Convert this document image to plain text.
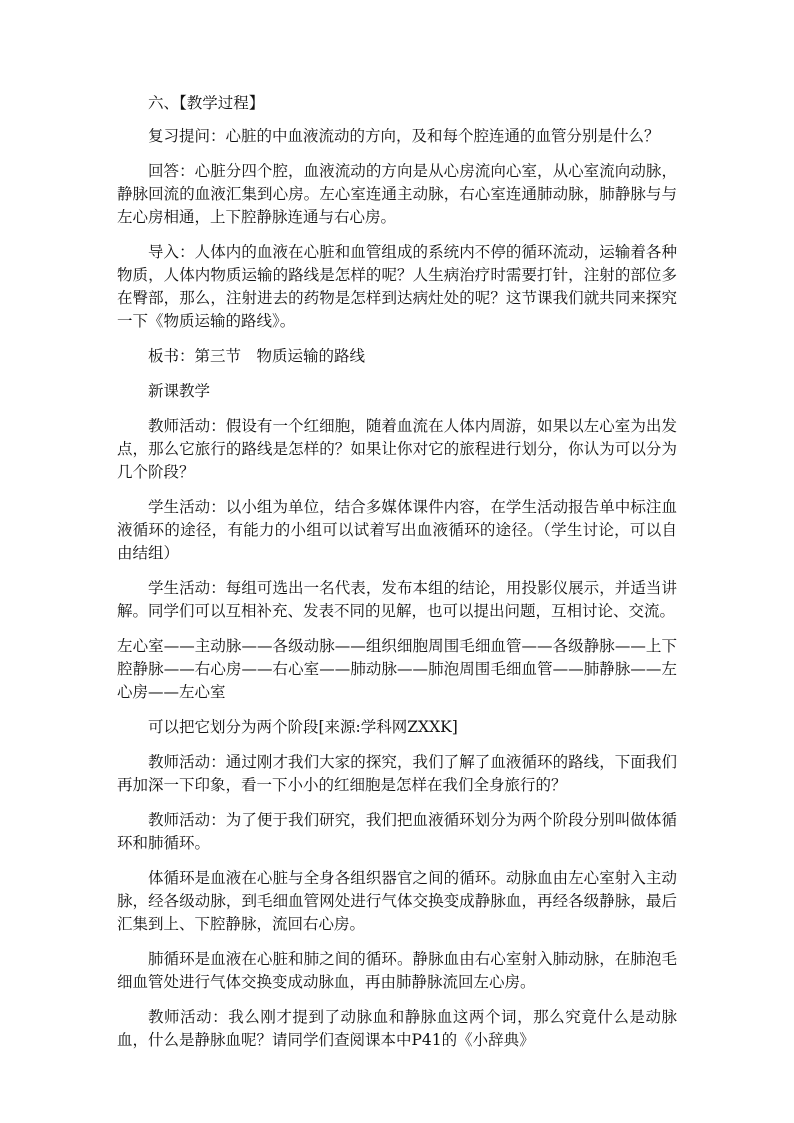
六、【教学过程】

复习提问：心脏的中血液流动的方向，及和每个腔连通的血管分别是什么？

回答：心脏分四个腔，血液流动的方向是从心房流向心室，从心室流向动脉，静脉回流的血液汇集到心房。左心室连通主动脉，右心室连通肺动脉，肺静脉与与左心房相通，上下腔静脉连通与右心房。

导入：人体内的血液在心脏和血管组成的系统内不停的循环流动，运输着各种物质，人体内物质运输的路线是怎样的呢？人生病治疗时需要打针，注射的部位多在臀部，那么，注射进去的药物是怎样到达病灶处的呢？这节课我们就共同来探究一下《物质运输的路线》。

板书：第三节　物质运输的路线

新课教学

教师活动：假设有一个红细胞，随着血流在人体内周游，如果以左心室为出发点，那么它旅行的路线是怎样的？如果让你对它的旅程进行划分，你认为可以分为几个阶段？

学生活动：以小组为单位，结合多媒体课件内容，在学生活动报告单中标注血液循环的途径，有能力的小组可以试着写出血液循环的途径。（学生讨论，可以自由结组）

学生活动：每组可选出一名代表，发布本组的结论，用投影仪展示，并适当讲解。同学们可以互相补充、发表不同的见解，也可以提出问题，互相讨论、交流。

左心室——主动脉——各级动脉——组织细胞周围毛细血管——各级静脉——上下腔静脉——右心房——右心室——肺动脉——肺泡周围毛细血管——肺静脉——左心房——左心室

可以把它划分为两个阶段[来源:学科网ZXXK]

教师活动：通过刚才我们大家的探究，我们了解了血液循环的路线，下面我们再加深一下印象，看一下小小的红细胞是怎样在我们全身旅行的？

教师活动：为了便于我们研究，我们把血液循环划分为两个阶段分别叫做体循环和肺循环。

体循环是血液在心脏与全身各组织器官之间的循环。动脉血由左心室射入主动脉，经各级动脉，到毛细血管网处进行气体交换变成静脉血，再经各级静脉，最后汇集到上、下腔静脉，流回右心房。

肺循环是血液在心脏和肺之间的循环。静脉血由右心室射入肺动脉，在肺泡毛细血管处进行气体交换变成动脉血，再由肺静脉流回左心房。

教师活动：我么刚才提到了动脉血和静脉血这两个词，那么究竟什么是动脉血，什么是静脉血呢？请同学们查阅课本中P41的《小辞典》
